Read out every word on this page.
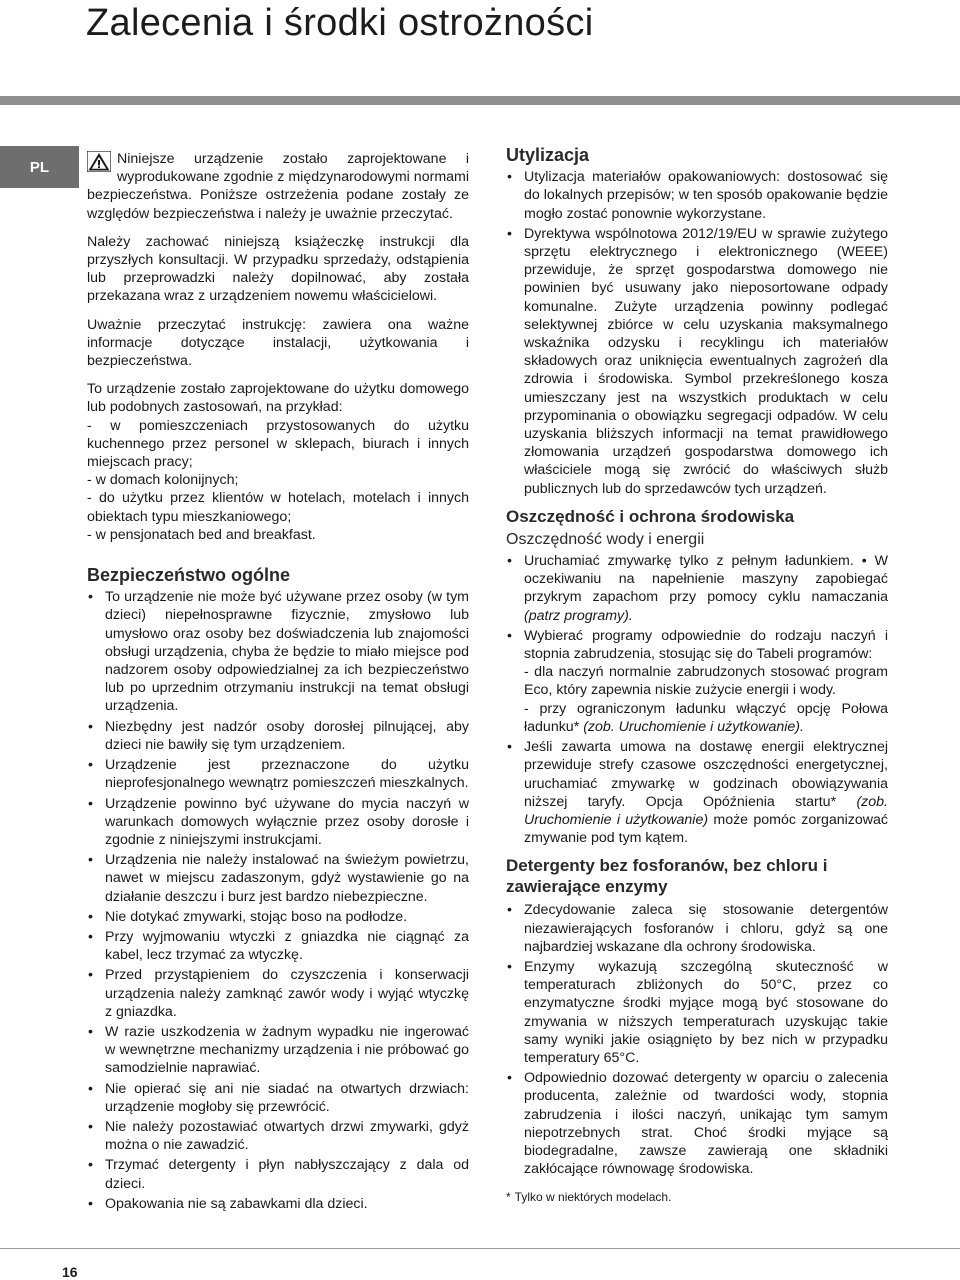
Zalecenia i środki ostrożności
PL	Niniejsze urządzenie zostało zaprojektowane i wyprodukowane zgodnie z międzynarodowymi normami bezpieczeństwa. Poniższe ostrzeżenia podane zostały ze względów bezpieczeństwa i należy je uważnie przeczytać.

Należy zachować niniejszą książeczkę instrukcji dla przyszłych konsultacji. W przypadku sprzedaży, odstąpienia lub przeprowadzki należy dopilnować, aby została przekazana wraz z urządzeniem nowemu właścicielowi.

Uważnie przeczytać instrukcję: zawiera ona ważne informacje dotyczące instalacji, użytkowania i bezpieczeństwa.

To urządzenie zostało zaprojektowane do użytku domowego lub podobnych zastosowań, na przykład:

- w pomieszczeniach przystosowanych do użytku kuchennego przez personel w sklepach, biurach i innych miejscach pracy;
- w domach kolonijnych;
- do użytku przez klientów w hotelach, motelach i innych obiektach typu mieszkaniowego;
- w pensjonatach bed and breakfast.
Bezpieczeństwo ogólne
• To urządzenie nie może być używane przez osoby (w tym dzieci) niepełnosprawne fizycznie, zmysłowo lub umysłowo oraz osoby bez doświadczenia lub znajomości obsługi urządzenia, chyba że będzie to miało miejsce pod nadzorem osoby odpowiedzialnej za ich bezpieczeństwo lub po uprzednim otrzymaniu instrukcji na temat obsługi urządzenia.
• Niezbędny jest nadzór osoby dorosłej pilnującej, aby dzieci nie bawiły się tym urządzeniem.
• Urządzenie jest przeznaczone do użytku nieprofesjonalnego wewnątrz pomieszczeń mieszkalnych.
• Urządzenie powinno być używane do mycia naczyń w warunkach domowych wyłącznie przez osoby dorosłe i zgodnie z niniejszymi instrukcjami.
• Urządzenia nie należy instalować na świeżym powietrzu, nawet w miejscu zadaszonym, gdyż wystawienie go na działanie deszczu i burz jest bardzo niebezpieczne.
• Nie dotykać zmywarki, stojąc boso na podłodze.
• Przy wyjmowaniu wtyczki z gniazdka nie ciągnąć za kabel, lecz trzymać za wtyczkę.
• Przed przystąpieniem do czyszczenia i konserwacji urządzenia należy zamknąć zawór wody i wyjąć wtyczkę z gniazdka.
• W razie uszkodzenia w żadnym wypadku nie ingerować w wewnętrzne mechanizmy urządzenia i nie próbować go samodzielnie naprawiać.
• Nie opierać się ani nie siadać na otwartych drzwiach: urządzenie mogłoby się przewrócić.
• Nie należy pozostawiać otwartych drzwi zmywarki, gdyż można o nie zawadzić.
• Trzymać detergenty i płyn nabłyszczający z dala od dzieci.
• Opakowania nie są zabawkami dla dzieci.
Utylizacja
• Utylizacja materiałów opakowaniowych: dostosować się do lokalnych przepisów; w ten sposób opakowanie będzie mogło zostać ponownie wykorzystane.
• Dyrektywa wspólnotowa 2012/19/EU w sprawie zużytego sprzętu elektrycznego i elektronicznego (WEEE) przewiduje, że sprzęt gospodarstwa domowego nie powinien być usuwany jako nieposortowane odpady komunalne. Zużyte urządzenia powinny podlegać selektywnej zbiórce w celu uzyskania maksymalnego wskaźnika odzysku i recyklingu ich materiałów składowych oraz uniknięcia ewentualnych zagrożeń dla zdrowia i środowiska. Symbol przekreślonego kosza umieszczany jest na wszystkich produktach w celu przypominania o obowiązku segregacji odpadów. W celu uzyskania bliższych informacji na temat prawidłowego złomowania urządzeń gospodarstwa domowego ich właściciele mogą się zwrócić do właściwych służb publicznych lub do sprzedawców tych urządzeń.
Oszczędność i ochrona środowiska
Oszczędność wody i energii
• Uruchamiać zmywarkę tylko z pełnym ładunkiem. • W oczekiwaniu na napełnienie maszyny zapobiegać przykrym zapachom przy pomocy cyklu namaczania (patrz programy).
• Wybierać programy odpowiednie do rodzaju naczyń i stopnia zabrudzenia, stosując się do Tabeli programów:
- dla naczyń normalnie zabrudzonych stosować program Eco, który zapewnia niskie zużycie energii i wody.
- przy ograniczonym ładunku włączyć opcję Połowa ładunku* (zob. Uruchomienie i użytkowanie).
• Jeśli zawarta umowa na dostawę energii elektrycznej przewiduje strefy czasowe oszczędności energetycznej, uruchamiać zmywarkę w godzinach obowiązywania niższej taryfy. Opcja Opóźnienia startu* (zob. Uruchomienie i użytkowanie) może pomóc zorganizować zmywanie pod tym kątem.
Detergenty bez fosforanów, bez chloru i zawierające enzymy
• Zdecydowanie zaleca się stosowanie detergentów niezawierających fosforanów i chloru, gdyż są one najbardziej wskazane dla ochrony środowiska.
• Enzymy wykazują szczególną skuteczność w temperaturach zbliżonych do 50°C, przez co enzymatyczne środki myjące mogą być stosowane do zmywania w niższych temperaturach uzyskując takie samy wyniki jakie osiągnięto by bez nich w przypadku temperatury 65°C.
• Odpowiednio dozować detergenty w oparciu o zalecenia producenta, zależnie od twardości wody, stopnia zabrudzenia i ilości naczyń, unikając tym samym niepotrzebnych strat. Choć środki myjące są biodegradalne, zawsze zawierają one składniki zakłócające równowagę środowiska.
* Tylko w niektórych modelach.
16
